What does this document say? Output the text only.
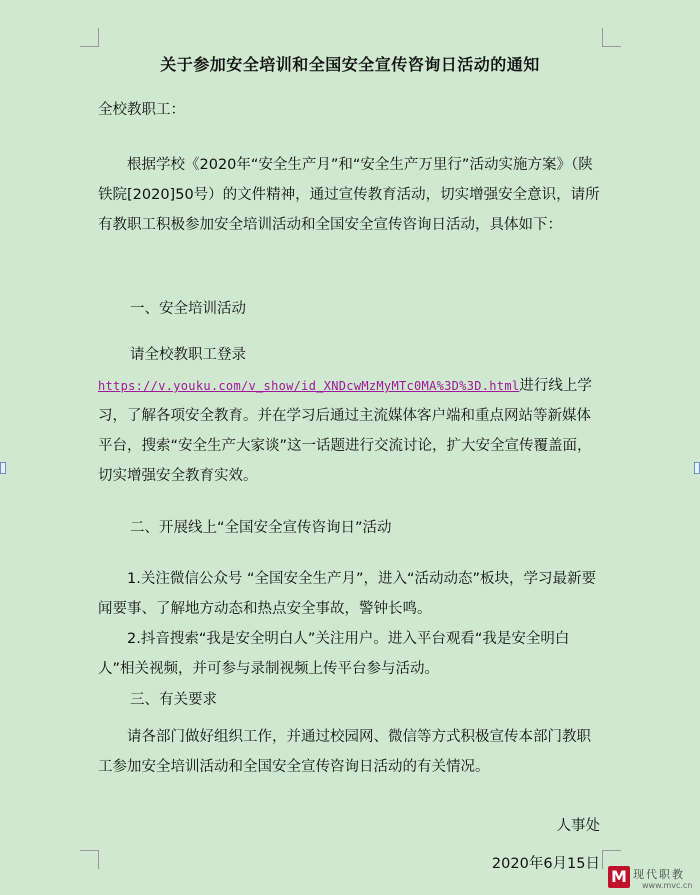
关于参加安全培训和全国安全宣传咨询日活动的通知
全校教职工：
根据学校《2020年“安全生产月”和“安全生产万里行”活动实施方案》（陕铁院[2020]50号）的文件精神，通过宣传教育活动，切实增强安全意识，请所有教职工积极参加安全培训活动和全国安全宣传咨询日活动，具体如下：
一、安全培训活动
请全校教职工登录
https://v.youku.com/v_show/id_XNDcwMzMyMTc0MA%3D%3D.html进行线上学习，了解各项安全教育。并在学习后通过主流媒体客户端和重点网站等新媒体平台，搜索“安全生产大家谈”这一话题进行交流讨论，扩大安全宣传覆盖面，切实增强安全教育实效。
二、开展线上“全国安全宣传咨询日”活动
1.关注微信公众号 “全国安全生产月”，进入“活动动态”板块，学习最新要闻要事、了解地方动态和热点安全事故，警钟长鸣。
2.抖音搜索“我是安全明白人”关注用户。进入平台观看“我是安全明白人”相关视频，并可参与录制视频上传平台参与活动。
三、有关要求
请各部门做好组织工作，并通过校园网、微信等方式积极宣传本部门教职工参加安全培训活动和全国安全宣传咨询日活动的有关情况。
人事处
2020年6月15日
M 现代职教
www.mvc.cn
